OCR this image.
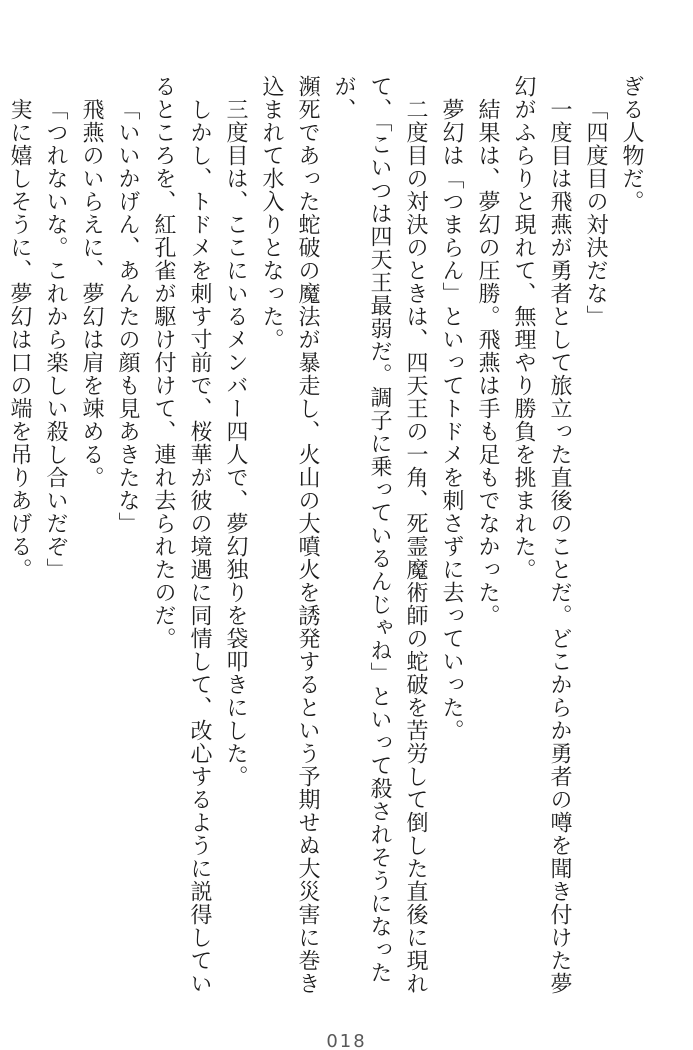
ぎる人物だ。

「四度目の対決だな」

一度目は飛燕が勇者として旅立った直後のことだ。どこからか勇者の噂を聞き付けた夢

幻がふらりと現れて、無理やり勝負を挑まれた。

結果は、夢幻の圧勝。飛燕は手も足もでなかった。

夢幻は「つまらん」といってトドメを刺さずに去っていった。

二度目の対決のときは、四天王の一角、死霊魔術師の蛇破を苦労して倒した直後に現れ

て、「こいつは四天王最弱だ。調子に乗っているんじゃね」といって殺されそうになったが、

瀕死であった蛇破の魔法が暴走し、火山の大噴火を誘発するという予期せぬ大災害に巻き

込まれて水入りとなった。

三度目は、ここにいるメンバー四人で、夢幻独りを袋叩きにした。

しかし、トドメを刺す寸前で、桜華が彼の境遇に同情して、改心するように説得してい

るところを、紅孔雀が駆け付けて、連れ去られたのだ。

「いいかげん、あんたの顔も見あきたな」

飛燕のいらえに、夢幻は肩を竦める。

「つれないな。これから楽しい殺し合いだぞ」

実に嬉しそうに、夢幻は口の端を吊りあげる。

018
